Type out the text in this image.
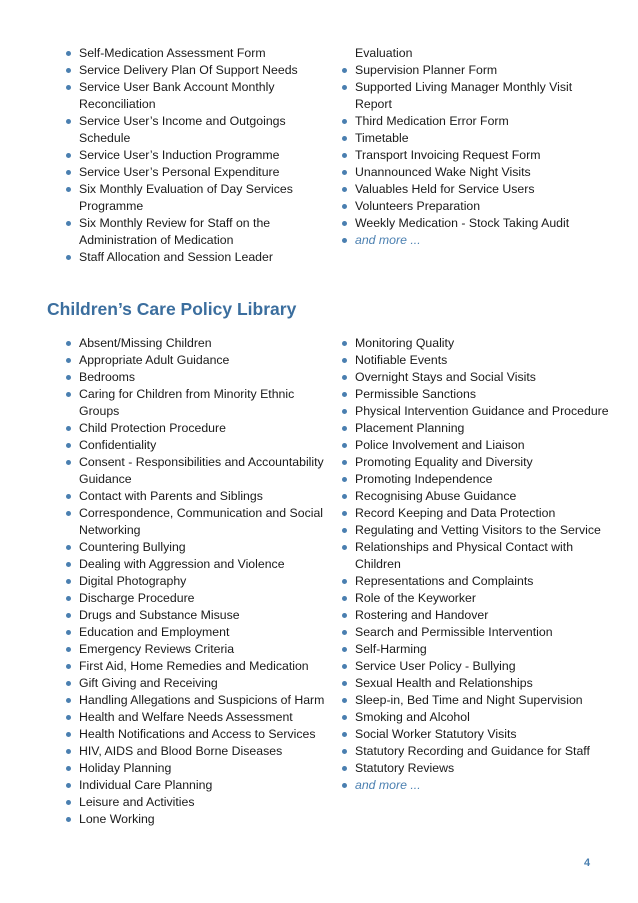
Self-Medication Assessment Form
Service Delivery Plan Of Support Needs
Service User Bank Account Monthly Reconciliation
Service User’s Income and Outgoings Schedule
Service User’s Induction Programme
Service User’s Personal Expenditure
Six Monthly Evaluation of Day Services Programme
Six Monthly Review for Staff on the Administration of Medication
Staff Allocation and Session Leader
Evaluation
Supervision Planner Form
Supported Living Manager Monthly Visit Report
Third Medication Error Form
Timetable
Transport Invoicing Request Form
Unannounced Wake Night Visits
Valuables Held for Service Users
Volunteers Preparation
Weekly Medication - Stock Taking Audit
and more ...
Children’s Care Policy Library
Absent/Missing Children
Appropriate Adult Guidance
Bedrooms
Caring for Children from Minority Ethnic Groups
Child Protection Procedure
Confidentiality
Consent - Responsibilities and Accountability Guidance
Contact with Parents and Siblings
Correspondence, Communication and Social Networking
Countering Bullying
Dealing with Aggression and Violence
Digital Photography
Discharge Procedure
Drugs and Substance Misuse
Education and Employment
Emergency Reviews Criteria
First Aid, Home Remedies and Medication
Gift Giving and Receiving
Handling Allegations and Suspicions of Harm
Health and Welfare Needs Assessment
Health Notifications and Access to Services
HIV, AIDS and Blood Borne Diseases
Holiday Planning
Individual Care Planning
Leisure and Activities
Lone Working
Monitoring Quality
Notifiable Events
Overnight Stays and Social Visits
Permissible Sanctions
Physical Intervention Guidance and Procedure
Placement Planning
Police Involvement and Liaison
Promoting Equality and Diversity
Promoting Independence
Recognising Abuse Guidance
Record Keeping and Data Protection
Regulating and Vetting Visitors to the Service
Relationships and Physical Contact with Children
Representations and Complaints
Role of the Keyworker
Rostering and Handover
Search and Permissible Intervention
Self-Harming
Service User Policy - Bullying
Sexual Health and Relationships
Sleep-in, Bed Time and Night Supervision
Smoking and Alcohol
Social Worker Statutory Visits
Statutory Recording and Guidance for Staff
Statutory Reviews
and more ...
4
